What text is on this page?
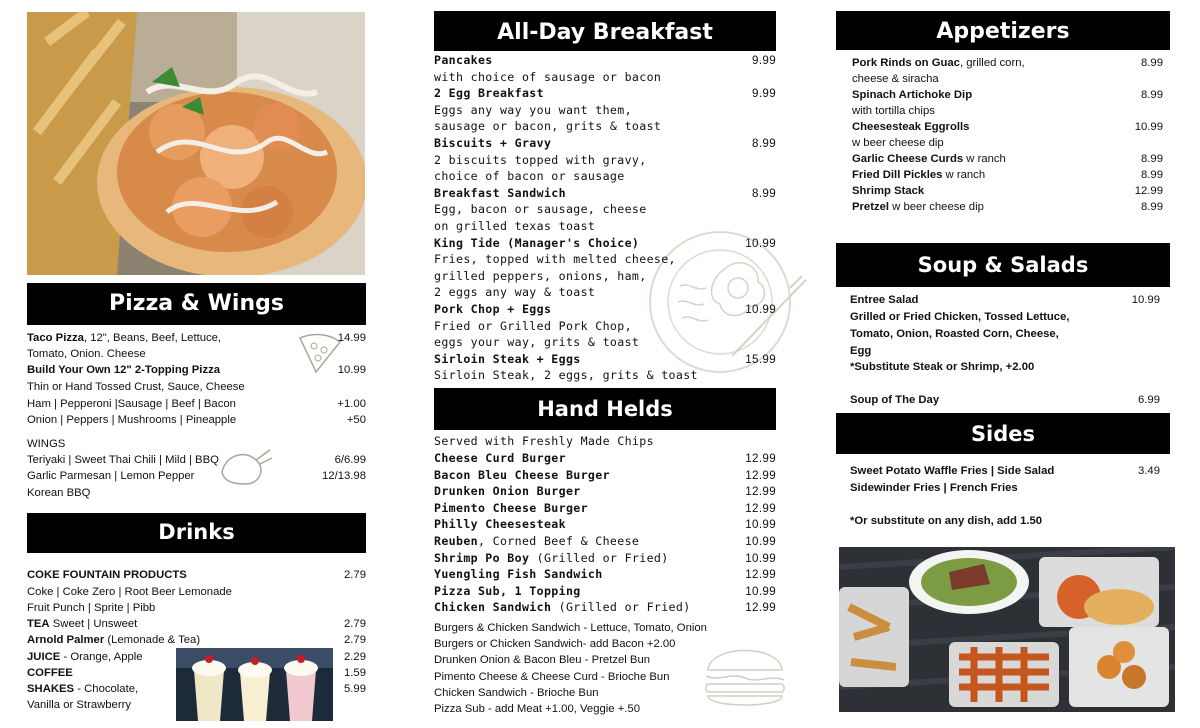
Pizza & Wings
Taco Pizza, 12", Beans, Beef, Lettuce,	14.99
Tomato, Onion. Cheese
Build Your Own 12" 2-Topping Pizza	10.99
Thin or Hand Tossed Crust, Sauce, Cheese
Ham | Pepperoni |Sausage | Beef | Bacon	+1.00
Onion | Peppers | Mushrooms | Pineapple	+50
WINGS
Teriyaki | Sweet Thai Chili | Mild | BBQ	6/6.99
Garlic Parmesan | Lemon Pepper	12/13.98
Korean BBQ
Drinks
COKE FOUNTAIN PRODUCTS	2.79
Coke | Coke Zero | Root Beer Lemonade
Fruit Punch | Sprite | Pibb
TEA Sweet | Unsweet	2.79
Arnold Palmer (Lemonade & Tea)	2.79
JUICE - Orange, Apple	2.29
COFFEE	1.59
SHAKES - Chocolate,	5.99
Vanilla or Strawberry
All-Day Breakfast
Pancakes	9.99
with choice of sausage or bacon
2 Egg Breakfast	9.99
Eggs any way you want them,
sausage or bacon, grits & toast
Biscuits + Gravy	8.99
2 biscuits topped with gravy,
choice of bacon or sausage
Breakfast Sandwich	8.99
Egg, bacon or sausage, cheese
on grilled texas toast
King Tide (Manager's Choice)	10.99
Fries, topped with melted cheese,
grilled peppers, onions, ham,
2 eggs any way & toast
Pork Chop + Eggs	10.99
Fried or Grilled Pork Chop,
eggs your way, grits & toast
Sirloin Steak + Eggs	15.99
Sirloin Steak, 2 eggs, grits & toast
Hand Helds
Served with Freshly Made Chips
Cheese Curd Burger	12.99
Bacon Bleu Cheese Burger	12.99
Drunken Onion Burger	12.99
Pimento Cheese Burger	12.99
Philly Cheesesteak	10.99
Reuben, Corned Beef & Cheese	10.99
Shrimp Po Boy (Grilled or Fried)	10.99
Yuengling Fish Sandwich	12.99
Pizza Sub, 1 Topping	10.99
Chicken Sandwich (Grilled or Fried)	12.99
Burgers & Chicken Sandwich - Lettuce, Tomato, Onion
Burgers or Chicken Sandwich- add Bacon +2.00
Drunken Onion & Bacon Bleu - Pretzel Bun
Pimento Cheese & Cheese Curd - Brioche Bun
Chicken Sandwich - Brioche Bun
Pizza Sub - add Meat +1.00, Veggie +.50
Appetizers
Pork Rinds on Guac, grilled corn,	8.99
cheese & siracha
Spinach Artichoke Dip	8.99
with tortilla chips
Cheesesteak Eggrolls	10.99
w beer cheese dip
Garlic Cheese Curds w ranch	8.99
Fried Dill Pickles w ranch	8.99
Shrimp Stack	12.99
Pretzel w beer cheese dip	8.99
Soup & Salads
Entree Salad	10.99
Grilled or Fried Chicken, Tossed Lettuce,
Tomato, Onion, Roasted Corn, Cheese,
Egg
*Substitute Steak or Shrimp, +2.00
Soup of The Day	6.99
Sides
Sweet Potato Waffle Fries | Side Salad	3.49
Sidewinder Fries | French Fries
*Or substitute on any dish, add 1.50
